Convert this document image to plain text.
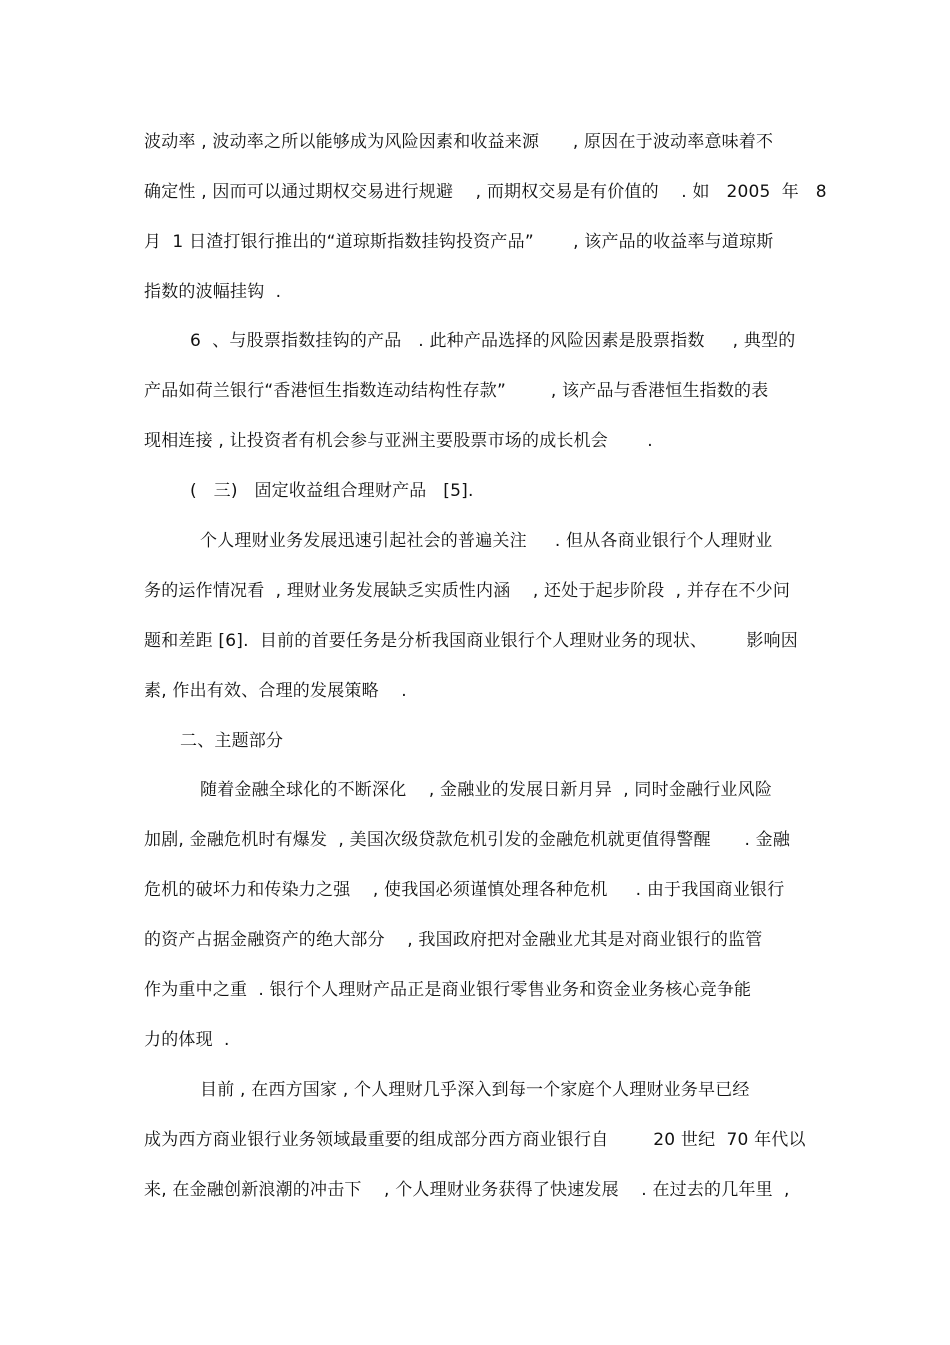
波动率 , 波动率之所以能够成为风险因素和收益来源      , 原因在于波动率意味着不
确定性 , 因而可以通过期权交易进行规避    , 而期权交易是有价值的    . 如   2005  年   8
月  1 日渣打银行推出的“道琼斯指数挂钩投资产品”       , 该产品的收益率与道琼斯
指数的波幅挂钩  .
6  、与股票指数挂钩的产品   . 此种产品选择的风险因素是股票指数     , 典型的
产品如荷兰银行“香港恒生指数连动结构性存款”        , 该产品与香港恒生指数的表
现相连接 , 让投资者有机会参与亚洲主要股票市场的成长机会       .
(   三)   固定收益组合理财产品   [5].
个人理财业务发展迅速引起社会的普遍关注     . 但从各商业银行个人理财业
务的运作情况看  , 理财业务发展缺乏实质性内涵    , 还处于起步阶段  , 并存在不少问
题和差距 [6].  目前的首要任务是分析我国商业银行个人理财业务的现状、       影响因
素, 作出有效、合理的发展策略    .
二、主题部分
随着金融全球化的不断深化    , 金融业的发展日新月异  , 同时金融行业风险
加剧, 金融危机时有爆发  , 美国次级贷款危机引发的金融危机就更值得警醒      . 金融
危机的破坏力和传染力之强    , 使我国必须谨慎处理各种危机     . 由于我国商业银行
的资产占据金融资产的绝大部分    , 我国政府把对金融业尤其是对商业银行的监管
作为重中之重  . 银行个人理财产品正是商业银行零售业务和资金业务核心竞争能
力的体现  .
目前 , 在西方国家 , 个人理财几乎深入到每一个家庭个人理财业务早已经
成为西方商业银行业务领域最重要的组成部分西方商业银行自        20 世纪  70 年代以
来, 在金融创新浪潮的冲击下    , 个人理财业务获得了快速发展    . 在过去的几年里  ,
